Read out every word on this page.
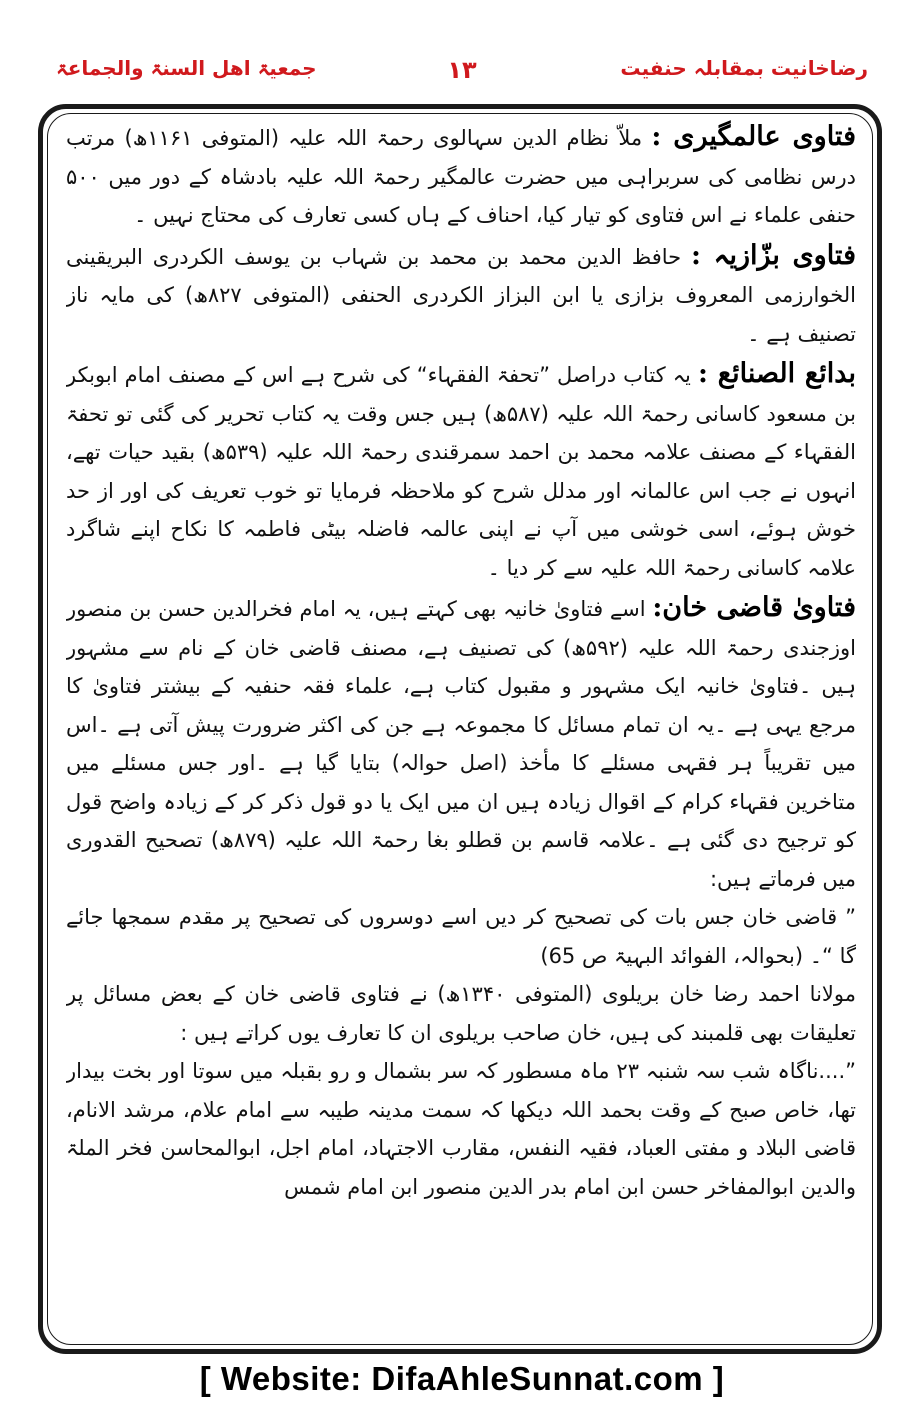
جمعیۃ اھل السنۃ والجماعۃ	۱۳	رضاخانیت بمقابلہ حنفیت

فتاوی عالمگیری : ملاّ نظام الدین سہالوی رحمۃ اللہ علیہ (المتوفی ۱۱۶۱ھ) مرتب درس نظامی کی سربراہی میں حضرت عالمگیر رحمۃ اللہ علیہ بادشاہ کے دور میں ۵۰۰ حنفی علماء نے اس فتاوی کو تیار کیا، احناف کے ہاں کسی تعارف کی محتاج نہیں ۔

فتاوی بزّازیہ : حافظ الدین محمد بن محمد بن شہاب بن یوسف الکردری البریقینی الخوارزمی المعروف بزازی یا ابن البزاز الکردری الحنفی (المتوفی ۸۲۷ھ) کی مایہ ناز تصنیف ہے ۔

بدائع الصنائع : یہ کتاب دراصل ”تحفۃ الفقہاء“ کی شرح ہے اس کے مصنف امام ابوبکر بن مسعود کاسانی رحمۃ اللہ علیہ (۵۸۷ھ) ہیں جس وقت یہ کتاب تحریر کی گئی تو تحفۃ الفقہاء کے مصنف علامہ محمد بن احمد سمرقندی رحمۃ اللہ علیہ (۵۳۹ھ) بقید حیات تھے، انہوں نے جب اس عالمانہ اور مدلل شرح کو ملاحظہ فرمایا تو خوب تعریف کی اور از حد خوش ہوئے، اسی خوشی میں آپ نے اپنی عالمہ فاضلہ بیٹی فاطمہ کا نکاح اپنے شاگرد علامہ کاسانی رحمۃ اللہ علیہ سے کر دیا ۔

فتاویٰ قاضی خان: اسے فتاویٰ خانیہ بھی کہتے ہیں، یہ امام فخرالدین حسن بن منصور اوزجندی رحمۃ اللہ علیہ (۵۹۲ھ) کی تصنیف ہے، مصنف قاضی خان کے نام سے مشہور ہیں ۔فتاویٰ خانیہ ایک مشہور و مقبول کتاب ہے، علماء فقہ حنفیہ کے بیشتر فتاویٰ کا مرجع یہی ہے ۔یہ ان تمام مسائل کا مجموعہ ہے جن کی اکثر ضرورت پیش آتی ہے ۔اس میں تقریباً ہر فقہی مسئلے کا مأخذ (اصل حوالہ) بتایا گیا ہے ۔اور جس مسئلے میں متاخرین فقہاء کرام کے اقوال زیادہ ہیں ان میں ایک یا دو قول ذکر کر کے زیادہ واضح قول کو ترجیح دی گئی ہے ۔علامہ قاسم بن قطلو بغا رحمۃ اللہ علیہ (۸۷۹ھ) تصحیح القدوری میں فرماتے ہیں:

” قاضی خان جس بات کی تصحیح کر دیں اسے دوسروں کی تصحیح پر مقدم سمجھا جائے گا “۔ (بحوالہ، الفوائد البہیۃ ص 65)

مولانا احمد رضا خان بریلوی (المتوفی ۱۳۴۰ھ) نے فتاوی قاضی خان کے بعض مسائل پر تعلیقات بھی قلمبند کی ہیں، خان صاحب بریلوی ان کا تعارف یوں کراتے ہیں :

”....ناگاہ شب سہ شنبہ ۲۳ ماہ مسطور کہ سر بشمال و رو بقبلہ میں سوتا اور بخت بیدار تھا، خاص صبح کے وقت بحمد اللہ دیکھا کہ سمت مدینہ طیبہ سے امام علام، مرشد الانام، قاضی البلاد و مفتی العباد، فقیہ النفس، مقارب الاجتہاد، امام اجل، ابوالمحاسن فخر الملۃ والدین ابوالمفاخر حسن ابن امام بدر الدین منصور ابن امام شمس

[ Website: DifaAhleSunnat.com ]
